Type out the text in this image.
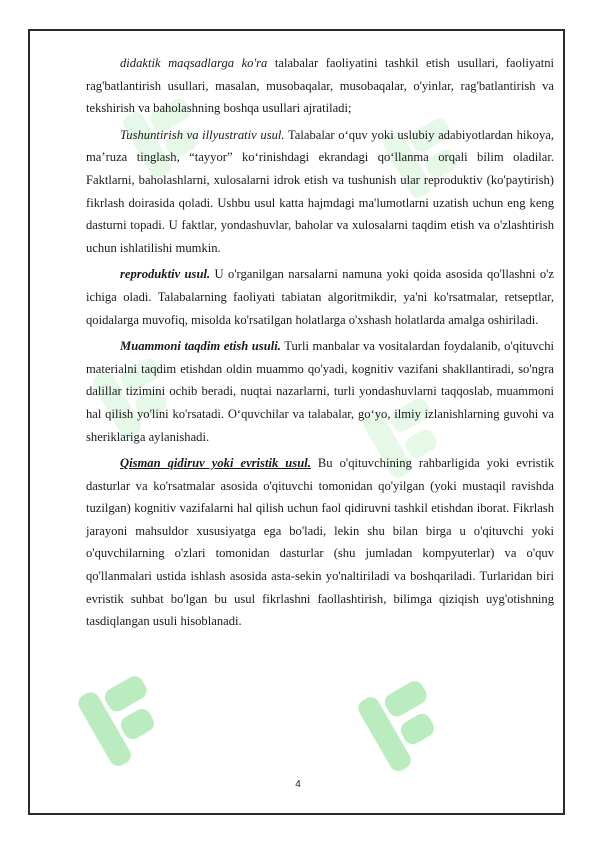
didaktik maqsadlarga ko'ra talabalar faoliyatini tashkil etish usullari, faoliyatni rag'batlantirish usullari, masalan, musobaqalar, musobaqalar, o'yinlar, rag'batlantirish va tekshirish va baholashning boshqa usullari ajratiladi;

Tushuntirish va illyustrativ usul. Talabalar oʻquv yoki uslubiy adabiyotlardan hikoya, ma’ruza tinglash, “tayyor” koʻrinishdagi ekrandagi qoʻllanma orqali bilim oladilar. Faktlarni, baholashlarni, xulosalarni idrok etish va tushunish ular reproduktiv (ko'paytirish) fikrlash doirasida qoladi. Ushbu usul katta hajmdagi ma'lumotlarni uzatish uchun eng keng dasturni topadi. U faktlar, yondashuvlar, baholar va xulosalarni taqdim etish va o'zlashtirish uchun ishlatilishi mumkin.

reproduktiv usul. U o'rganilgan narsalarni namuna yoki qoida asosida qo'llashni o'z ichiga oladi. Talabalarning faoliyati tabiatan algoritmikdir, ya'ni ko'rsatmalar, retseptlar, qoidalarga muvofiq, misolda ko'rsatilgan holatlarga o'xshash holatlarda amalga oshiriladi.

Muammoni taqdim etish usuli. Turli manbalar va vositalardan foydalanib, o'qituvchi materialni taqdim etishdan oldin muammo qo'yadi, kognitiv vazifani shakllantiradi, so'ngra dalillar tizimini ochib beradi, nuqtai nazarlarni, turli yondashuvlarni taqqoslab, muammoni hal qilish yo'lini ko'rsatadi. Oʻquvchilar va talabalar, goʻyo, ilmiy izlanishlarning guvohi va sheriklariga aylanishadi.

Qisman qidiruv yoki evristik usul. Bu o'qituvchining rahbarligida yoki evristik dasturlar va ko'rsatmalar asosida o'qituvchi tomonidan qo'yilgan (yoki mustaqil ravishda tuzilgan) kognitiv vazifalarni hal qilish uchun faol qidiruvni tashkil etishdan iborat. Fikrlash jarayoni mahsuldor xususiyatga ega bo'ladi, lekin shu bilan birga u o'qituvchi yoki o'quvchilarning o'zlari tomonidan dasturlar (shu jumladan kompyuterlar) va o'quv qo'llanmalari ustida ishlash asosida asta-sekin yo'naltiriladi va boshqariladi. Turlaridan biri evristik suhbat bo'lgan bu usul fikrlashni faollashtirish, bilimga qiziqish uyg'otishning tasdiqlangan usuli hisoblanadi.

4
